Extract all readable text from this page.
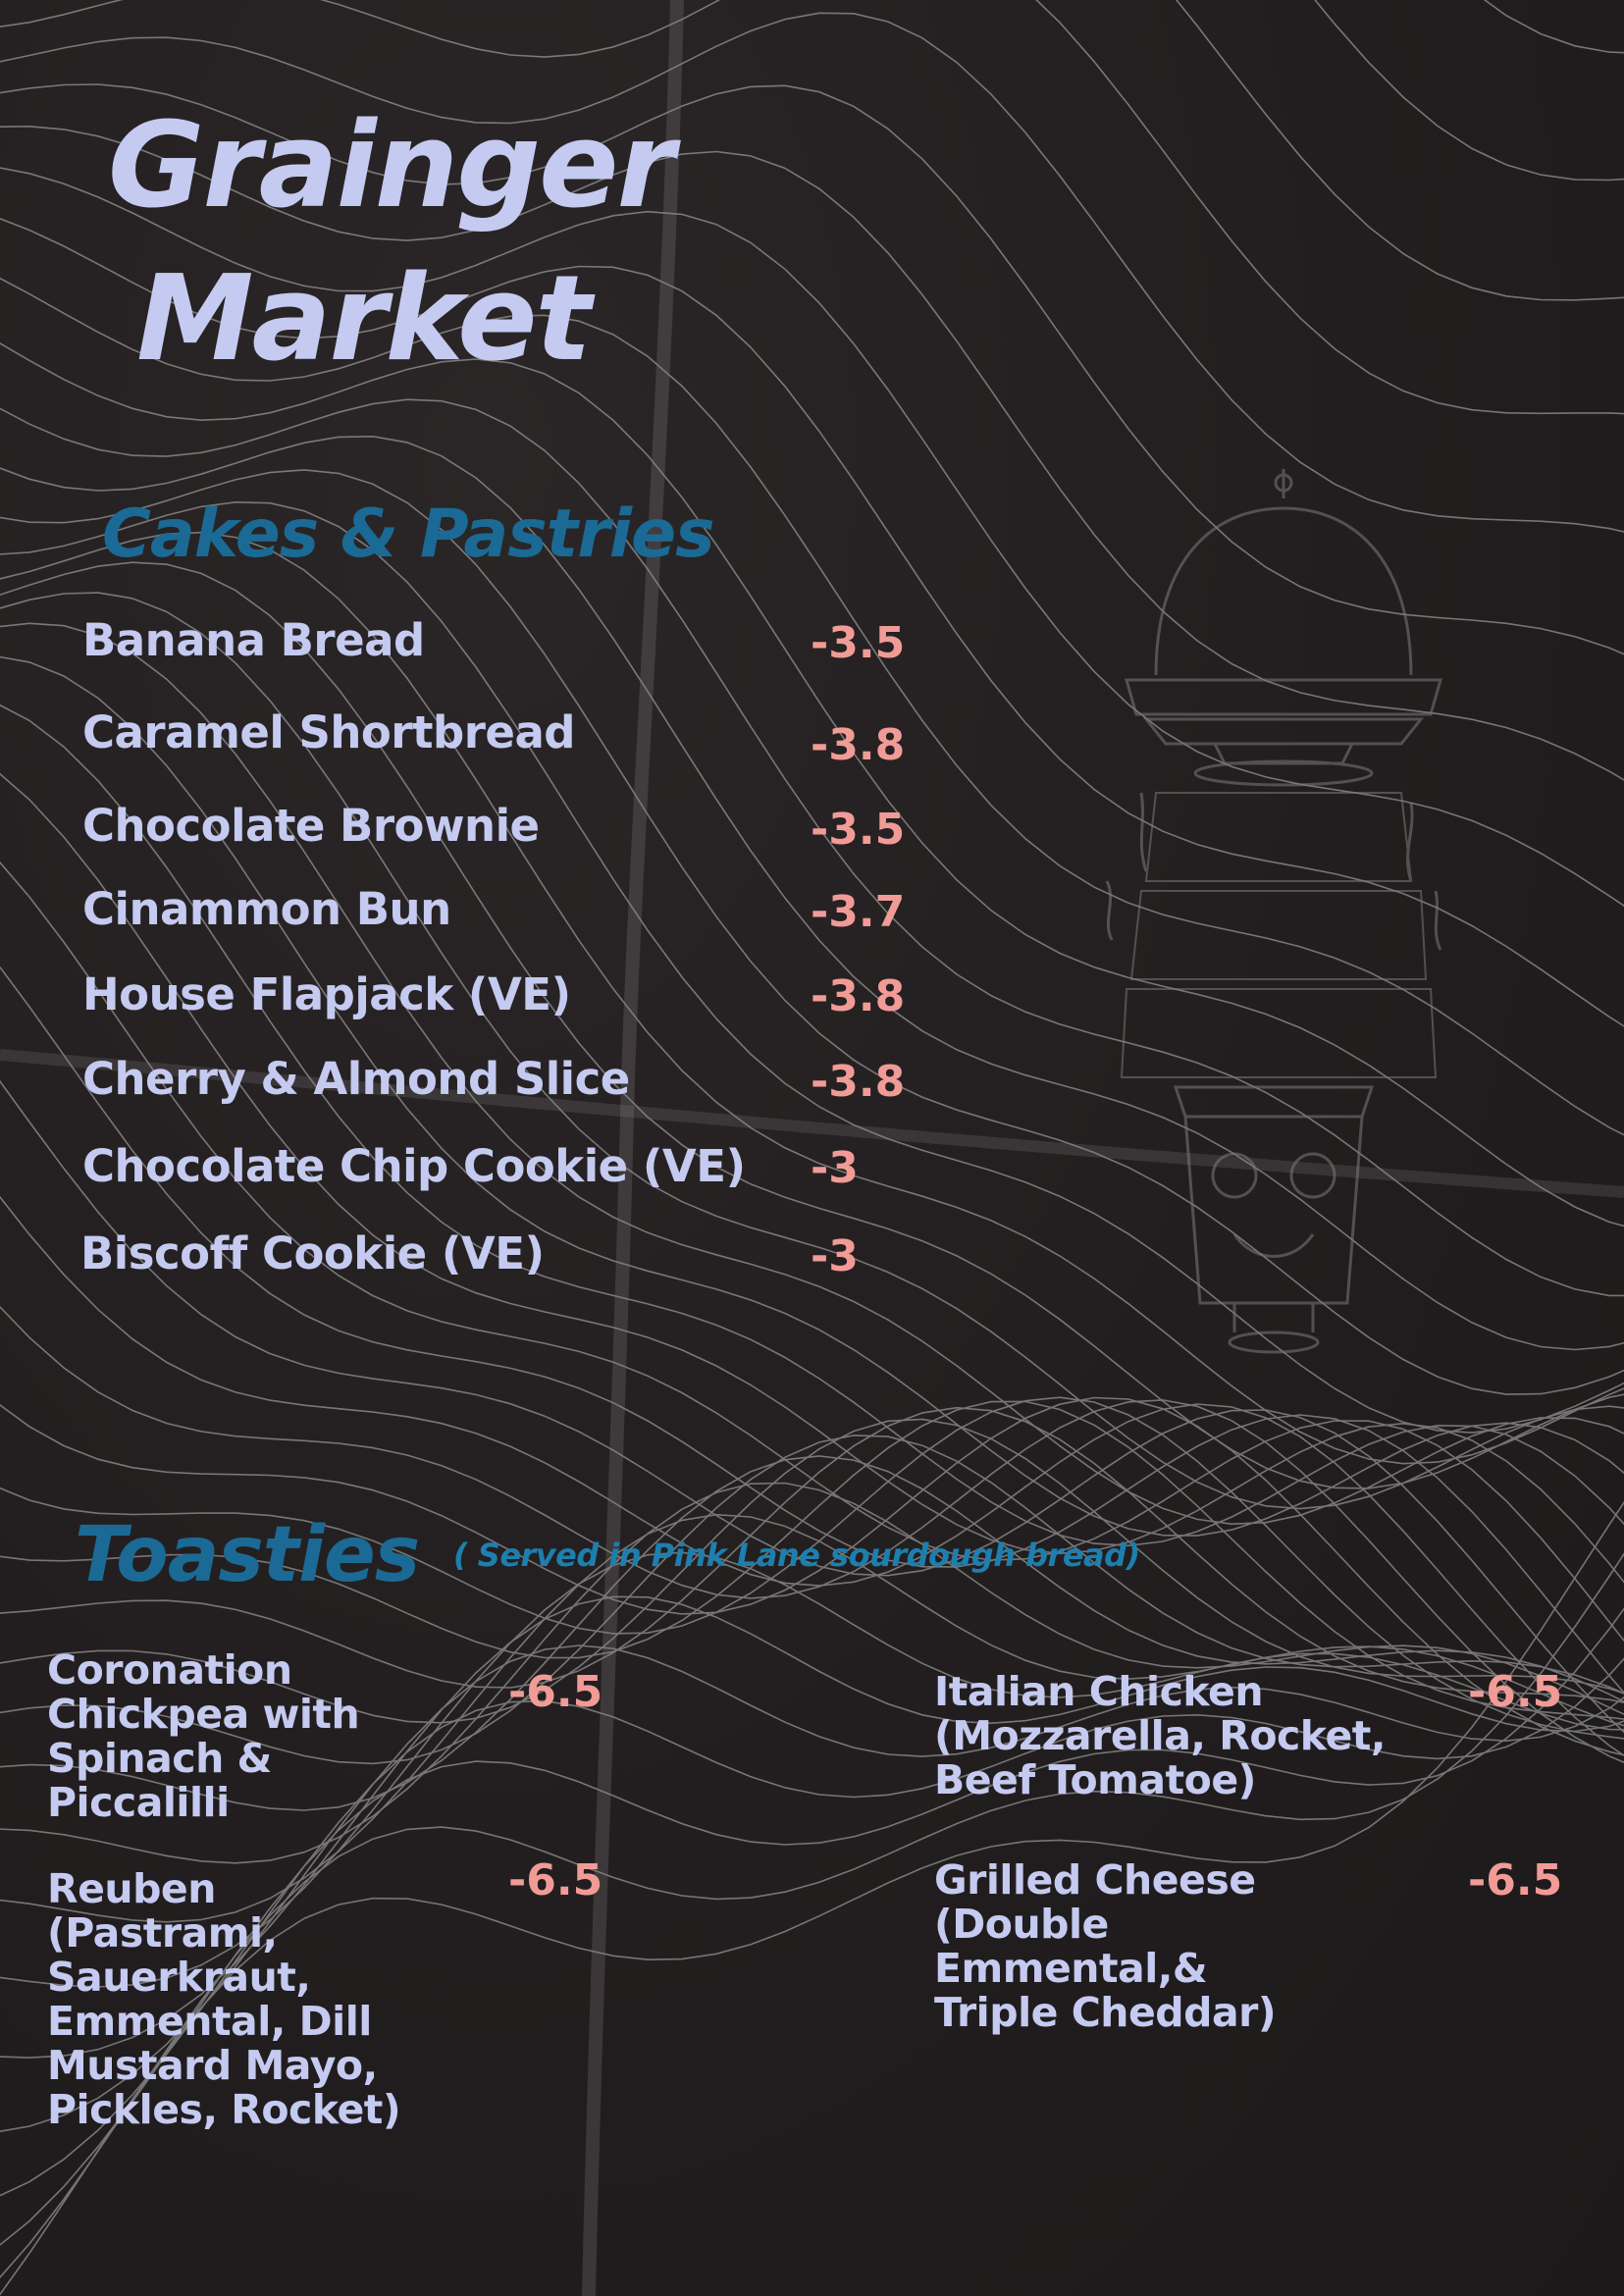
Grainger
Market
Cakes & Pastries
Banana Bread	-3.5
Caramel Shortbread	-3.8
Chocolate Brownie	-3.5
Cinammon Bun	-3.7
House Flapjack (VE)	-3.8
Cherry & Almond Slice	-3.8
Chocolate Chip Cookie (VE) -3
Biscoff Cookie (VE)	-3
Toasties ( Served in Pink Lane sourdough bread)
Coronation
Chickpea with
Spinach &
Piccalilli
-6.5	Italian Chicken
(Mozzarella, Rocket,
Beef Tomatoe)
-6.5
Reuben
(Pastrami,
Sauerkraut,
Emmental, Dill
Mustard Mayo,
Pickles, Rocket)
-6.5	Grilled Cheese
(Double
Emmental,&
Triple Cheddar)
-6.5
